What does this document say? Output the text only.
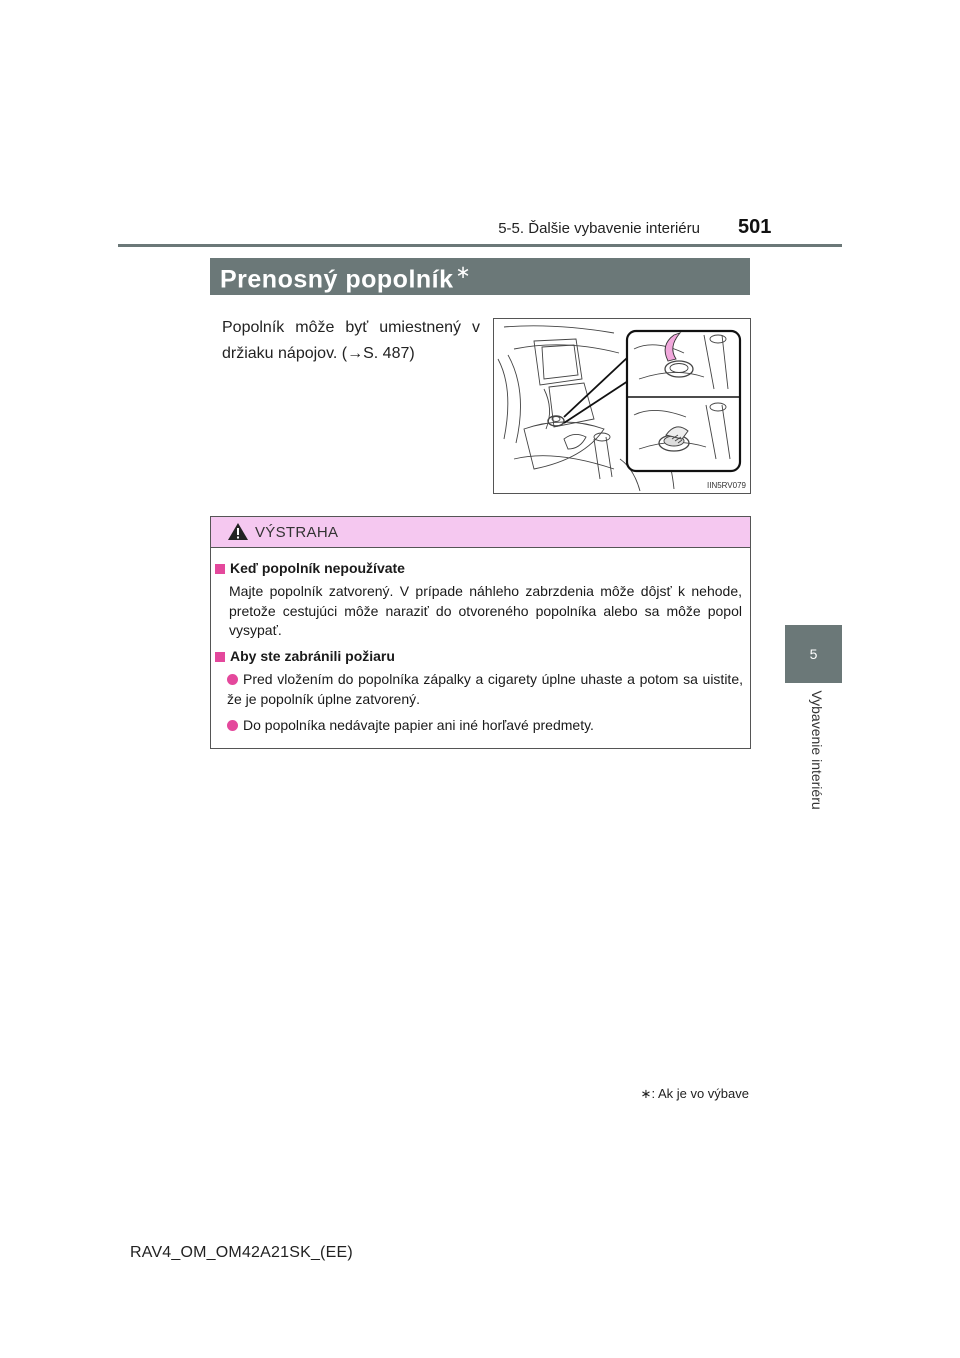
5-5. Ďalšie vybavenie interiéru 501
5
Vybavenie interiéru
Prenosný popolník ∗
Popolník môže byť umiestnený v držiaku nápojov. (→S. 487)
IIN5RV079
VÝSTRAHA
Keď popolník nepoužívate
Majte popolník zatvorený. V prípade náhleho zabrzdenia môže dôjsť k nehode, pretože cestujúci môže naraziť do otvoreného popolníka alebo sa môže popol vysypať.
Aby ste zabránili požiaru
Pred vložením do popolníka zápalky a cigarety úplne uhaste a potom sa uistite, že je popolník úplne zatvorený.
Do popolníka nedávajte papier ani iné horľavé predmety.
∗: Ak je vo výbave
RAV4_OM_OM42A21SK_(EE)
